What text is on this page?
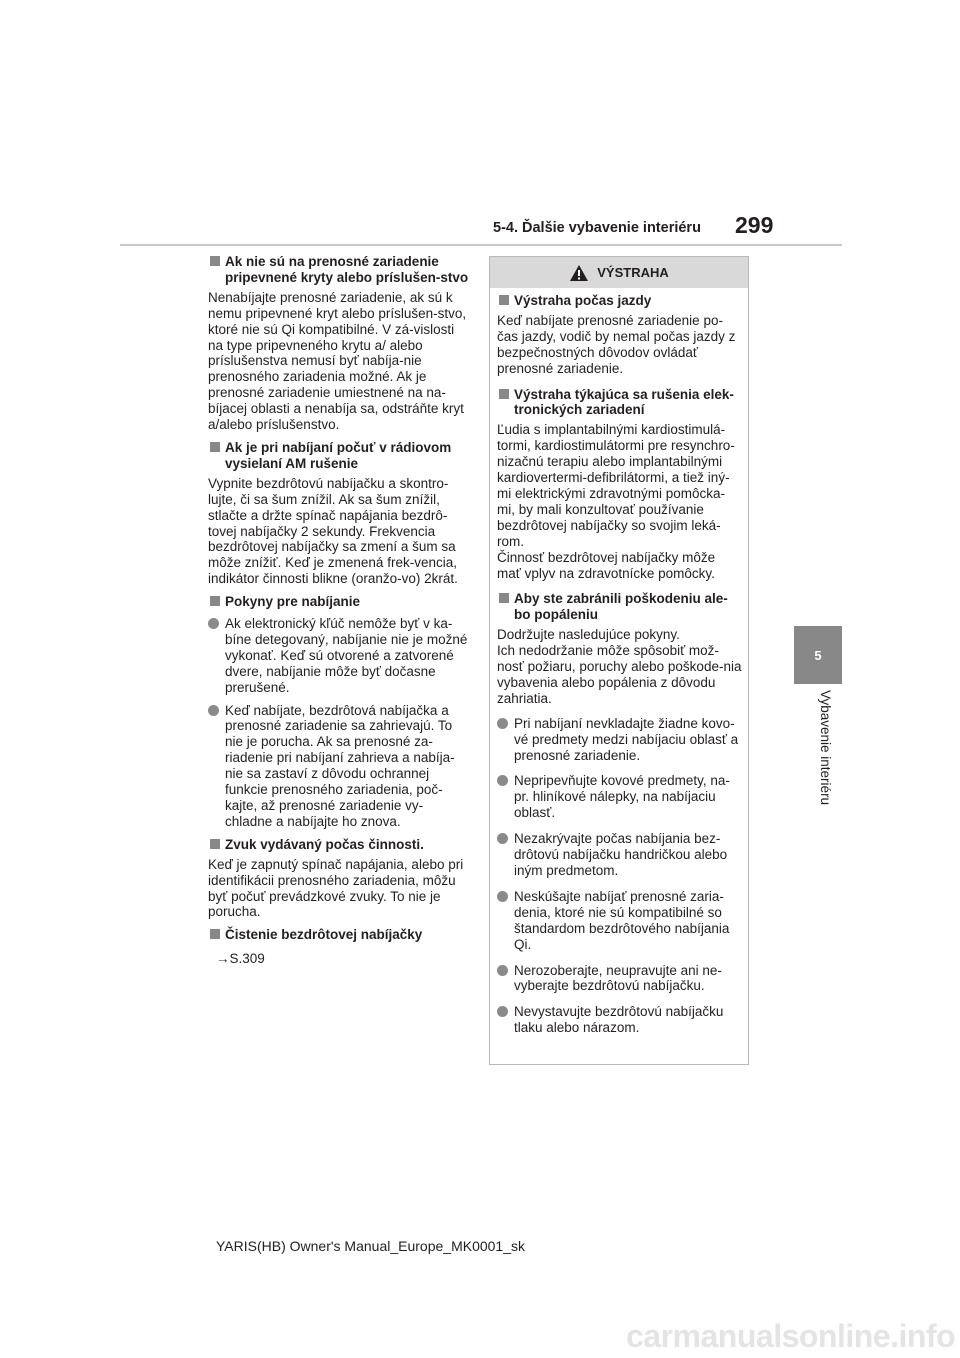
5-4. Ďalšie vybavenie interiéru 299
5
Vybavenie interiéru
Ak nie sú na prenosné zariadenie pripevnené kryty alebo príslušen-stvo

Nenabíjajte prenosné zariadenie, ak sú k nemu pripevnené kryt alebo príslušen-stvo, ktoré nie sú Qi kompatibilné. V zá-vislosti na type pripevneného krytu a/ alebo príslušenstva nemusí byť nabíja-nie prenosného zariadenia možné. Ak je prenosné zariadenie umiestnené na na-bíjacej oblasti a nenabíja sa, odstráňte kryt a/alebo príslušenstvo.

Ak je pri nabíjaní počuť v rádiovom vysielaní AM rušenie

Vypnite bezdrôtovú nabíjačku a skontro-lujte, či sa šum znížil. Ak sa šum znížil, stlačte a držte spínač napájania bezdrô-tovej nabíjačky 2 sekundy. Frekvencia bezdrôtovej nabíjačky sa zmení a šum sa môže znížiť. Keď je zmenená frek-vencia, indikátor činnosti blikne (oranžo-vo) 2krát.

Pokyny pre nabíjanie
Ak elektronický kľúč nemôže byť v ka-bíne detegovaný, nabíjanie nie je možné vykonať. Keď sú otvorené a zatvorené dvere, nabíjanie môže byť dočasne prerušené.
Keď nabíjate, bezdrôtová nabíjačka a prenosné zariadenie sa zahrievajú. To nie je porucha. Ak sa prenosné za-riadenie pri nabíjaní zahrieva a nabíja-nie sa zastaví z dôvodu ochrannej funkcie prenosného zariadenia, poč-kajte, až prenosné zariadenie vy-chladne a nabíjajte ho znova.
Zvuk vydávaný počas činnosti.

Keď je zapnutý spínač napájania, alebo pri identifikácii prenosného zariadenia, môžu byť počuť prevádzkové zvuky. To nie je porucha.

Čistenie bezdrôtovej nabíjačky

→S.309

VÝSTRAHA
Výstraha počas jazdy

Keď nabíjate prenosné zariadenie po-čas jazdy, vodič by nemal počas jazdy z bezpečnostných dôvodov ovládať prenosné zariadenie.

Výstraha týkajúca sa rušenia elek-tronických zariadení

Ľudia s implantabilnými kardiostimulá-tormi, kardiostimulátormi pre resynchro-nizačnú terapiu alebo implantabilnými kardiovertermi-defibrilátormi, a tiež iný-mi elektrickými zdravotnými pomôcka-mi, by mali konzultovať používanie bezdrôtovej nabíjačky so svojim leká-rom.

Činnosť bezdrôtovej nabíjačky môže mať vplyv na zdravotnícke pomôcky.

Aby ste zabránili poškodeniu ale-bo popáleniu

Dodržujte nasledujúce pokyny.

Ich nedodržanie môže spôsobiť mož-nosť požiaru, poruchy alebo poškode-nia vybavenia alebo popálenia z dôvodu zahriatia.

Pri nabíjaní nevkladajte žiadne kovo-vé predmety medzi nabíjaciu oblasť a prenosné zariadenie.
Nepripevňujte kovové predmety, na-pr. hliníkové nálepky, na nabíjaciu oblasť.
Nezakrývajte počas nabíjania bez-drôtovú nabíjačku handričkou alebo iným predmetom.
Neskúšajte nabíjať prenosné zaria-denia, ktoré nie sú kompatibilné so štandardom bezdrôtového nabíjania Qi.
Nerozoberajte, neupravujte ani ne-vyberajte bezdrôtovú nabíjačku.
Nevystavujte bezdrôtovú nabíjačku tlaku alebo nárazom.
YARIS(HB) Owner's Manual_Europe_MK0001_sk
carmanualsonline.info
